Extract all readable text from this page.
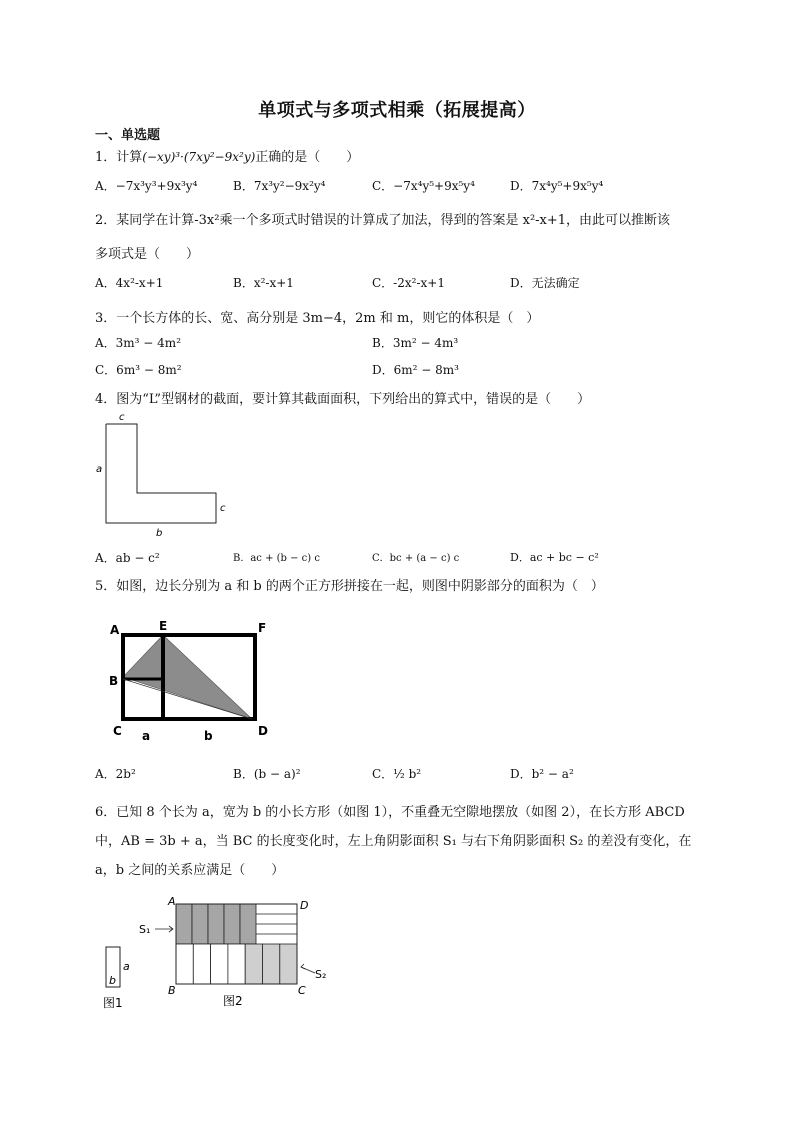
单项式与多项式相乘（拓展提高）
一、单选题
1．计算(−xy)³·(7xy²−9x²y)正确的是（　　）
A．−7x³y³+9x³y⁴	B．7x³y²−9x²y⁴	C．−7x⁴y⁵+9x⁵y⁴	D．7x⁴y⁵+9x⁵y⁴
2．某同学在计算-3x²乘一个多项式时错误的计算成了加法，得到的答案是 x²-x+1，由此可以推断该
多项式是（　　）
A．4x²-x+1	B．x²-x+1	C．-2x²-x+1	D．无法确定
3．一个长方体的长、宽、高分别是 3m−4，2m 和 m，则它的体积是（　）
A．3m³ − 4m²	B．3m² − 4m³
C．6m³ − 8m²	D．6m² − 8m³
4．图为“L”型钢材的截面，要计算其截面面积，下列给出的算式中，错误的是（　　）
c
a
c
b
A．ab − c²	B．ac + (b − c) c	C．bc + (a − c) c	D．ac + bc − c²
5．如图，边长分别为 a 和 b 的两个正方形拼接在一起，则图中阴影部分的面积为（　）
A	E	F
B
C	D
a	b
A．2b²	B．(b − a)²	C．½ b²	D．b² − a²
6．已知 8 个长为 a，宽为 b 的小长方形（如图 1），不重叠无空隙地摆放（如图 2），在长方形 ABCD
中，AB = 3b + a，当 BC 的长度变化时，左上角阴影面积 S₁ 与右下角阴影面积 S₂ 的差没有变化，在
a，b 之间的关系应满足（　　）
a
b
图1
A	D
B	C
S₁
S₂
图2
